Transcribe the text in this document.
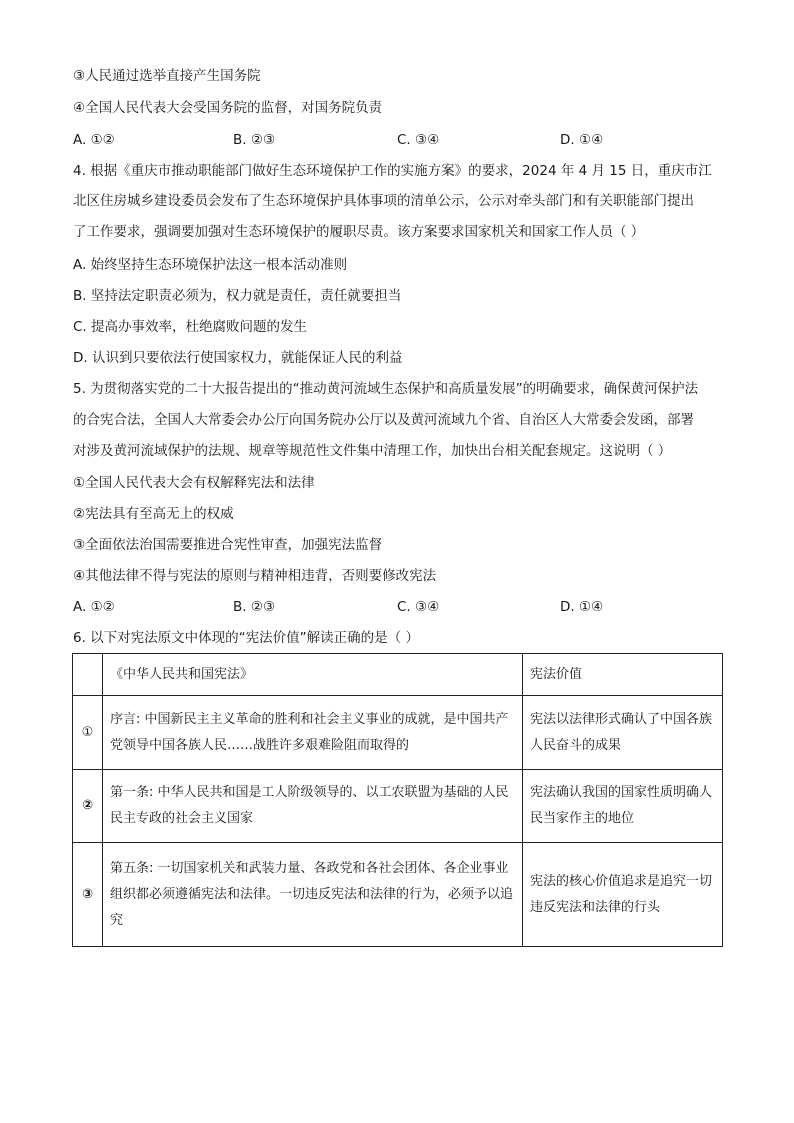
③人民通过选举直接产生国务院
④全国人民代表大会受国务院的监督，对国务院负责
A. ①②	B. ②③	C. ③④	D. ①④
4. 根据《重庆市推动职能部门做好生态环境保护工作的实施方案》的要求，2024 年 4 月 15 日，重庆市江
北区住房城乡建设委员会发布了生态环境保护具体事项的清单公示，公示对牵头部门和有关职能部门提出
了工作要求，强调要加强对生态环境保护的履职尽责。该方案要求国家机关和国家工作人员（ ）
A. 始终坚持生态环境保护法这一根本活动准则
B. 坚持法定职责必须为，权力就是责任，责任就要担当
C. 提高办事效率，杜绝腐败问题的发生
D. 认识到只要依法行使国家权力，就能保证人民的利益
5. 为贯彻落实党的二十大报告提出的“推动黄河流域生态保护和高质量发展”的明确要求，确保黄河保护法
的合宪合法，全国人大常委会办公厅向国务院办公厅以及黄河流域九个省、自治区人大常委会发函，部署
对涉及黄河流域保护的法规、规章等规范性文件集中清理工作，加快出台相关配套规定。这说明（ ）
①全国人民代表大会有权解释宪法和法律
②宪法具有至高无上的权威
③全面依法治国需要推进合宪性审查，加强宪法监督
④其他法律不得与宪法的原则与精神相违背，否则要修改宪法
A. ①②	B. ②③	C. ③④	D. ①④
6. 以下对宪法原文中体现的“宪法价值”解读正确的是（ ）
	《中华人民共和国宪法》	宪法价值
①	序言: 中国新民主主义革命的胜利和社会主义事业的成就，是中国共产党领导中国各族人民……战胜许多艰难险阻而取得的	宪法以法律形式确认了中国各族人民奋斗的成果
②	第一条: 中华人民共和国是工人阶级领导的、以工农联盟为基础的人民民主专政的社会主义国家	宪法确认我国的国家性质明确人民当家作主的地位
③	第五条: 一切国家机关和武装力量、各政党和各社会团体、各企业事业组织都必须遵循宪法和法律。一切违反宪法和法律的行为，必须予以追究	宪法的核心价值追求是追究一切违反宪法和法律的行头
